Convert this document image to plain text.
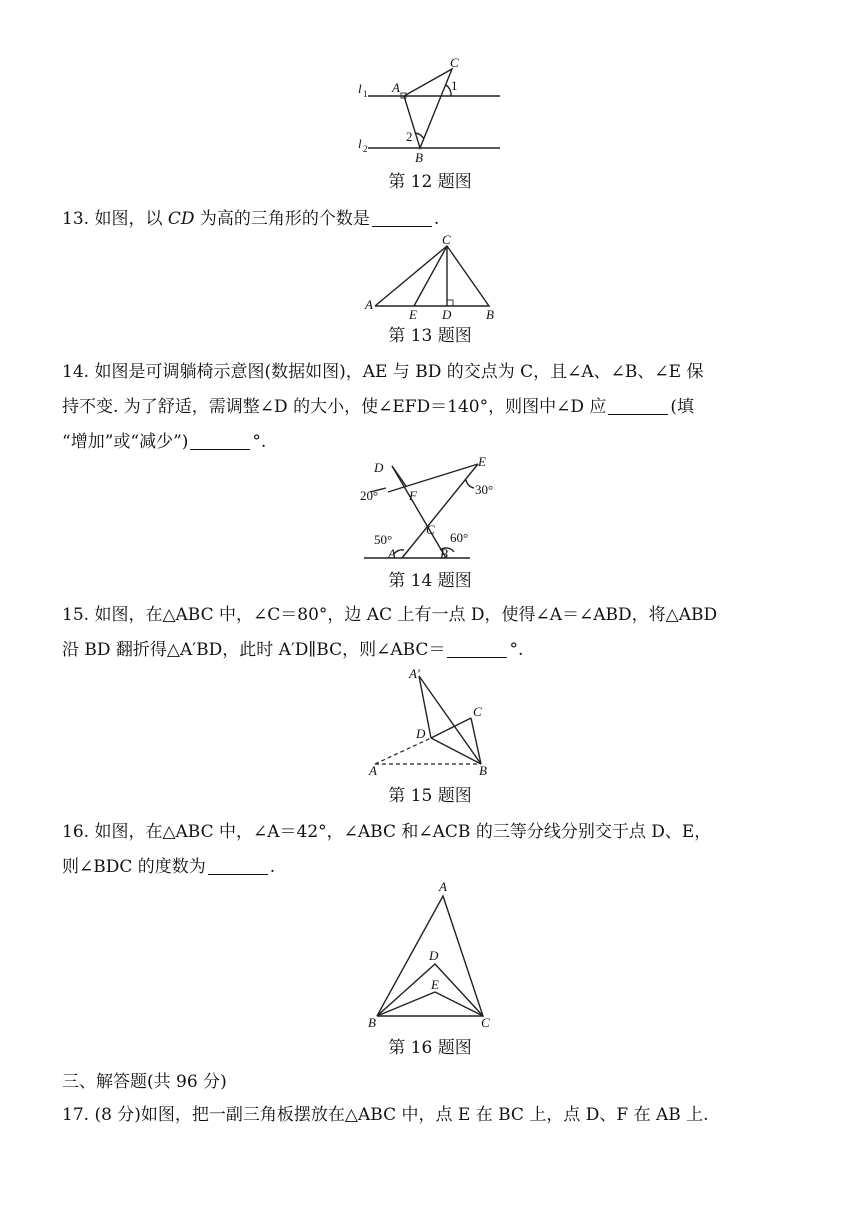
l 1
l 2
A
C
1
2
B
第 12 题图
13. 如图，以 CD 为高的三角形的个数是	.
C
A
E D	B
第 13 题图
14. 如图是可调躺椅示意图(数据如图)，AE 与 BD 的交点为 C，且∠A、∠B、∠E 保
持不变. 为了舒适，需调整∠D 的大小，使∠EFD＝140°，则图中∠D 应	(填
“增加”或“减少”)	°.
D	E
F
C
A	B
20°	30°
50°	60°
第 14 题图
15. 如图，在△ABC 中，∠C＝80°，边 AC 上有一点 D，使得∠A＝∠ABD，将△ABD
沿 BD 翻折得△A′BD，此时 A′D∥BC，则∠ABC＝	°.
A′
C
D
A	B
第 15 题图
16. 如图，在△ABC 中，∠A＝42°，∠ABC 和∠ACB 的三等分线分别交于点 D、E，
则∠BDC 的度数为	.
A
D
E
B	C
第 16 题图
三、解答题(共 96 分)
17. (8 分)如图，把一副三角板摆放在△ABC 中，点 E 在 BC 上，点 D、F 在 AB 上.
